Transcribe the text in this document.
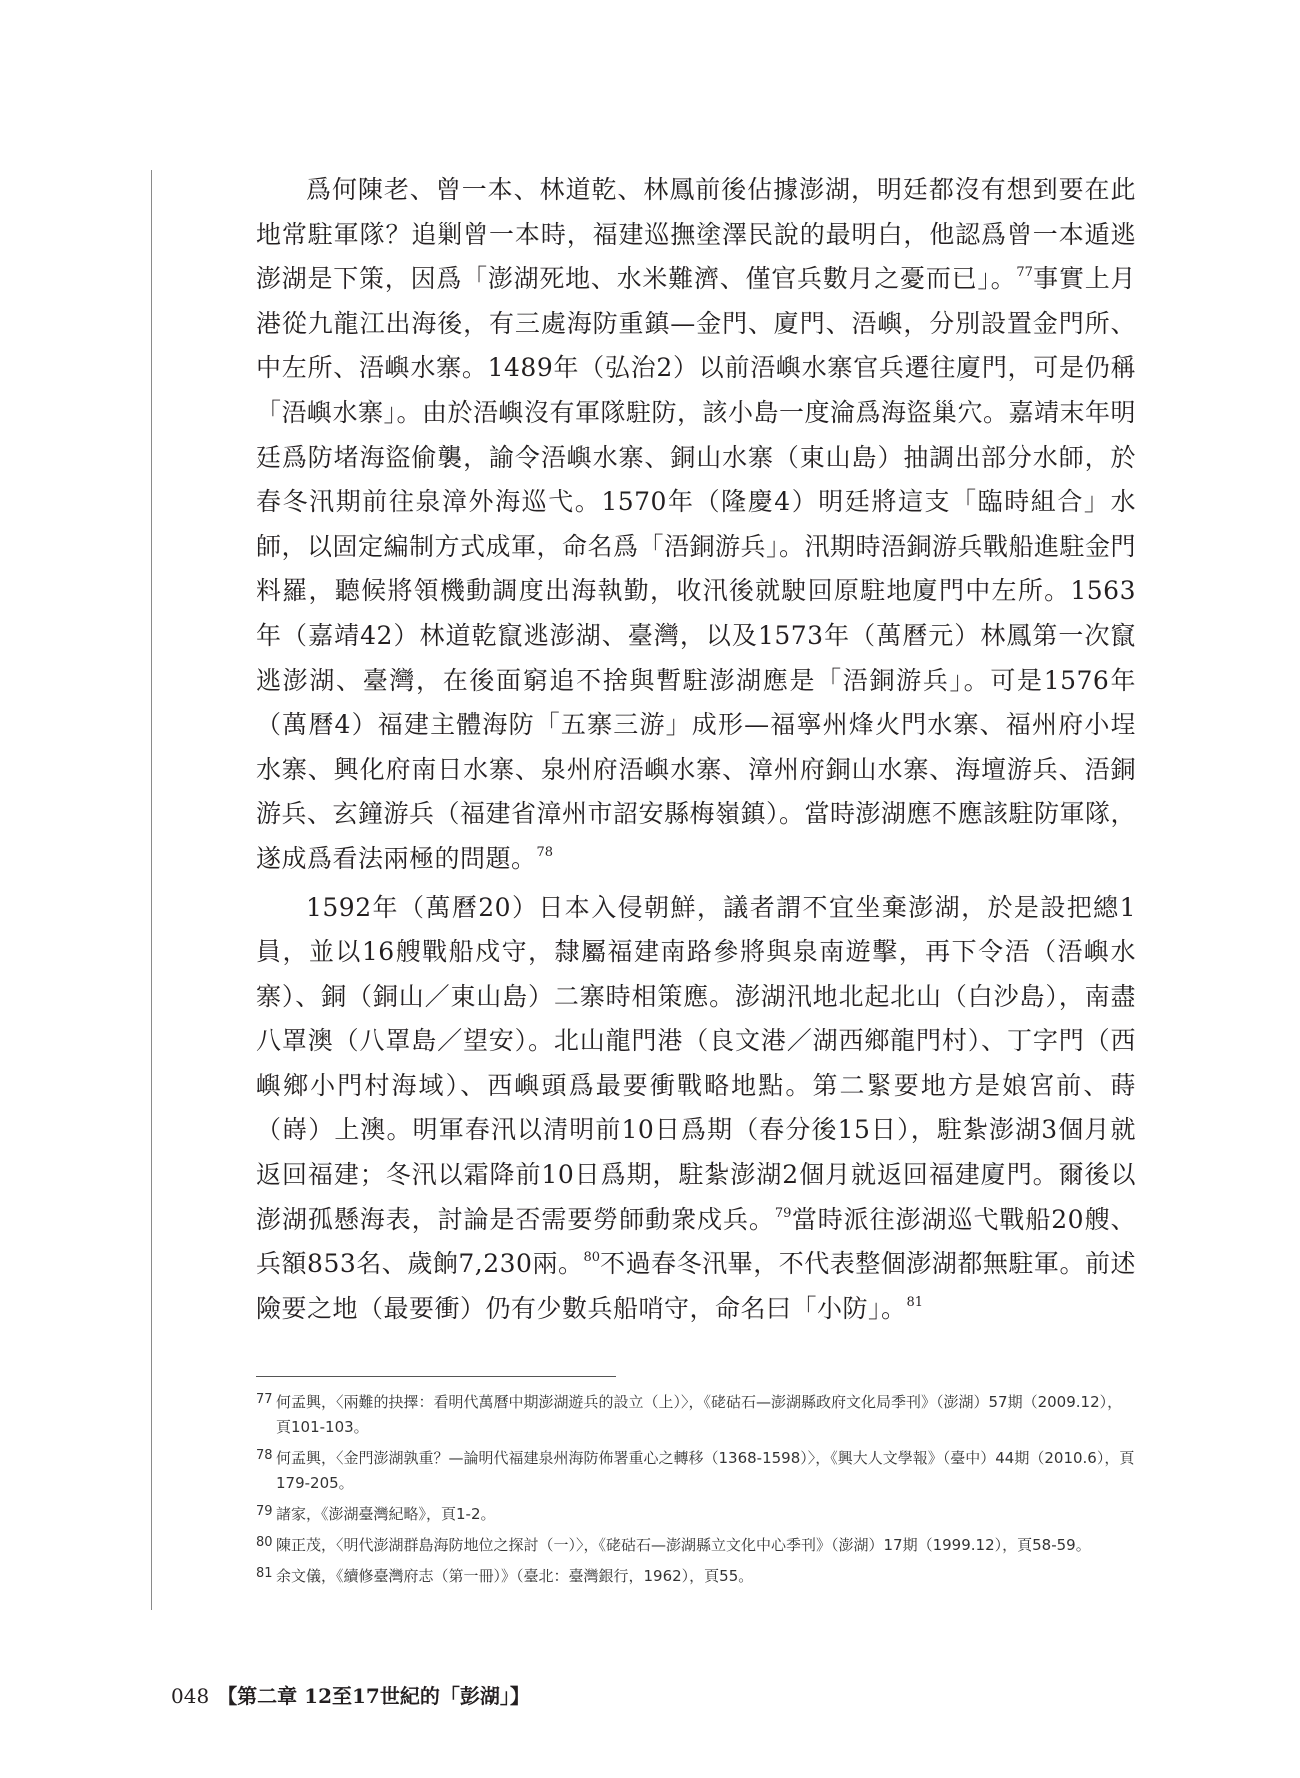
爲何陳老、曾一本、林道乾、林鳳前後佔據澎湖，明廷都沒有想到要在此地常駐軍隊？追剿曾一本時，福建巡撫塗澤民說的最明白，他認爲曾一本遁逃澎湖是下策，因爲「澎湖死地、水米難濟、僅官兵數月之憂而已」。$^{77}$事實上月港從九龍江出海後，有三處海防重鎮—金門、廈門、浯嶼，分別設置金門所、中左所、浯嶼水寨。1489年（弘治2）以前浯嶼水寨官兵遷往廈門，可是仍稱「浯嶼水寨」。由於浯嶼沒有軍隊駐防，該小島一度淪爲海盜巢穴。嘉靖末年明廷爲防堵海盜偷襲，諭令浯嶼水寨、銅山水寨（東山島）抽調出部分水師，於春冬汛期前往泉漳外海巡弋。1570年（隆慶4）明廷將這支「臨時組合」水師，以固定編制方式成軍，命名爲「浯銅游兵」。汛期時浯銅游兵戰船進駐金門料羅，聽候將領機動調度出海執勤，收汛後就駛回原駐地廈門中左所。1563年（嘉靖42）林道乾竄逃澎湖、臺灣，以及1573年（萬曆元）林鳳第一次竄逃澎湖、臺灣，在後面窮追不捨與暫駐澎湖應是「浯銅游兵」。可是1576年（萬曆4）福建主體海防「五寨三游」成形—福寧州烽火門水寨、福州府小埕水寨、興化府南日水寨、泉州府浯嶼水寨、漳州府銅山水寨、海壇游兵、浯銅游兵、玄鐘游兵（福建省漳州市詔安縣梅嶺鎮）。當時澎湖應不應該駐防軍隊，遂成爲看法兩極的問題。$^{78}$

1592年（萬曆20）日本入侵朝鮮，議者謂不宜坐棄澎湖，於是設把總1員，並以16艘戰船戍守，隸屬福建南路參將與泉南遊擊，再下令浯（浯嶼水寨）、銅（銅山／東山島）二寨時相策應。澎湖汛地北起北山（白沙島），南盡八罩澳（八罩島／望安）。北山龍門港（良文港／湖西鄉龍門村）、丁字門（西嶼鄉小門村海域）、西嶼頭爲最要衝戰略地點。第二緊要地方是娘宮前、蒔（嵵）上澳。明軍春汛以清明前10日爲期（春分後15日），駐紮澎湖3個月就返回福建；冬汛以霜降前10日爲期，駐紮澎湖2個月就返回福建廈門。爾後以澎湖孤懸海表，討論是否需要勞師動衆戍兵。$^{79}$當時派往澎湖巡弋戰船20艘、兵額853名、歲餉7,230兩。$^{80}$不過春冬汛畢，不代表整個澎湖都無駐軍。前述險要之地（最要衝）仍有少數兵船哨守，命名曰「小防」。$^{81}$

77 何孟興，〈兩難的抉擇：看明代萬曆中期澎湖遊兵的設立（上）〉，《硓𥑮石—澎湖縣政府文化局季刊》（澎湖）57期（2009.12），頁101-103。
78 何孟興，〈金門澎湖孰重？—論明代福建泉州海防佈署重心之轉移（1368-1598）〉，《興大人文學報》（臺中）44期（2010.6），頁179-205。
79 諸家，《澎湖臺灣紀略》，頁1-2。
80 陳正茂，〈明代澎湖群島海防地位之探討（一）〉，《硓𥑮石—澎湖縣立文化中心季刊》（澎湖）17期（1999.12），頁58-59。
81 余文儀，《續修臺灣府志（第一冊）》（臺北：臺灣銀行，1962），頁55。
048 【第二章 12至17世紀的「彭湖」】
